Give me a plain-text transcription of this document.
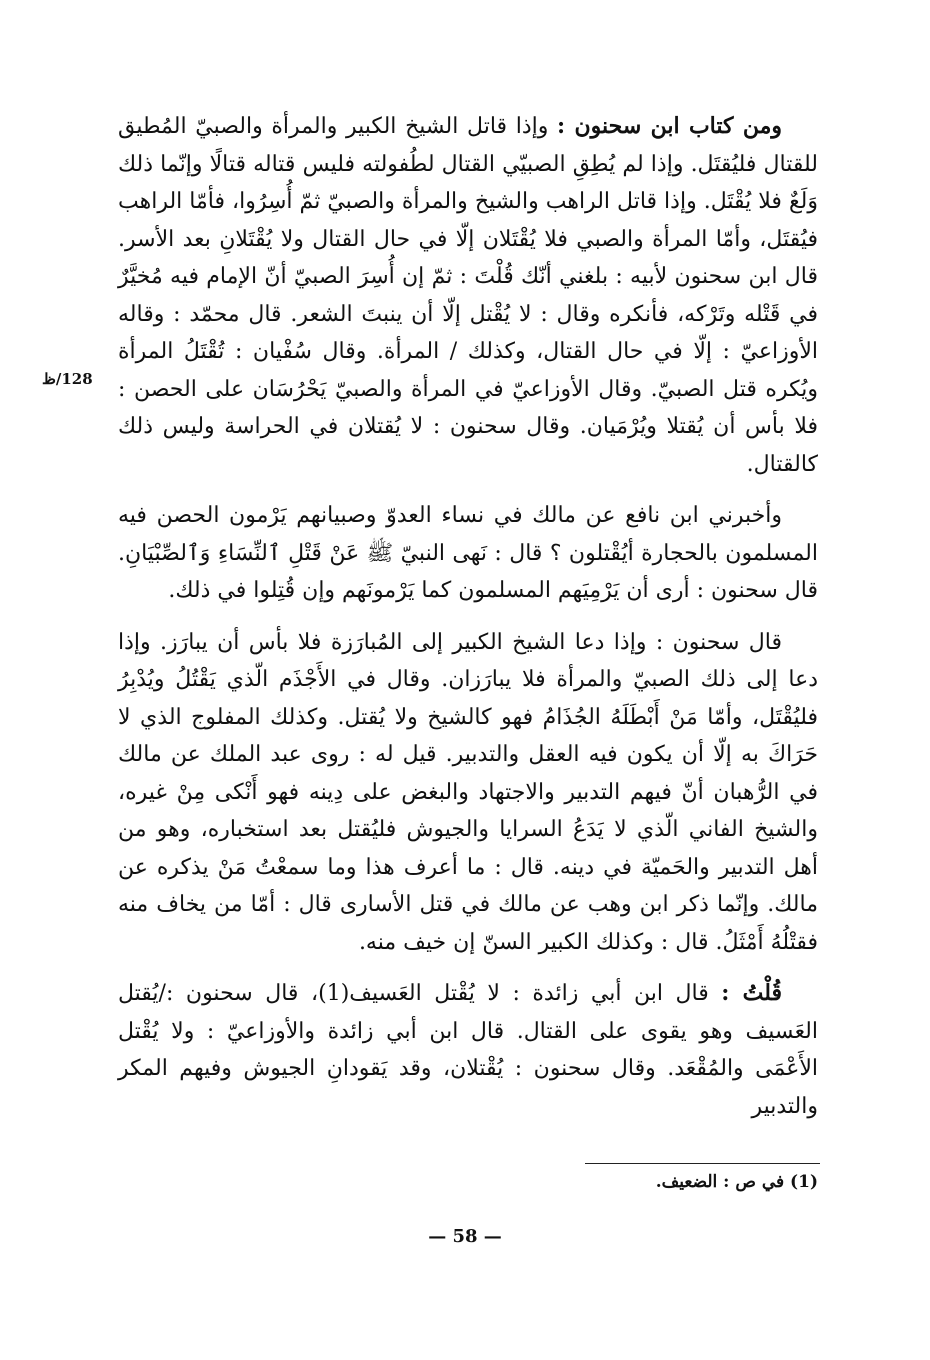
ومن كتاب ابن سحنون : وإذا قاتل الشيخ الكبير والمرأة والصبيّ المُطيق للقتال فليُقتَل. وإذا لم يُطِقِ الصبيّي القتال لطُفولته فليس قتاله قتالًا وإنّما ذلك وَلَعٌ فلا يُقْتَل. وإذا قاتل الراهب والشيخ والمرأة والصبيّ ثمّ أُسِرُوا، فأمّا الراهب فيُقتَل، وأمّا المرأة والصبي فلا يُقْتَلان إلّا في حال القتال ولا يُقْتَلانِ بعد الأسر. قال ابن سحنون لأبيه : بلغني أنّك قُلْتَ : ثمّ إن أُسِرَ الصبيّ أنّ الإمام فيه مُخيَّرٌ في قَتْله وتَرْكه، فأنكره وقال : لا يُقْتل إلّا أن ينبتَ الشعر. قال محمّد : وقاله الأوزاعيّ : إلّا في حال القتال، وكذلك / المرأة. وقال سُفْيان : تُقْتَلُ المرأة ويُكره قتل الصبيّ. وقال الأوزاعيّ في المرأة والصبيّ يَحْرُسَان على الحصن : فلا بأس أن يُقتلا ويُرْمَيان. وقال سحنون : لا يُقتلان في الحراسة وليس ذلك كالقتال.

وأخبرني ابن نافع عن مالك في نساء العدوّ وصبيانهم يَرْمون الحصن فيه المسلمون بالحجارة أيُقْتلون ؟ قال : نَهى النبيّ ﷺ عَنْ قَتْلِ ٱلنِّسَاءِ وَٱلصِّبْيَانِ. قال سحنون : أرى أن يَرْمِيَهم المسلمون كما يَرْمونَهم وإن قُتِلوا في ذلك.

قال سحنون : وإذا دعا الشيخ الكبير إلى المُبارَزة فلا بأس أن يبارَز. وإذا دعا إلى ذلك الصبيّ والمرأة فلا يبارَزان. وقال في الأَجْذَم الّذي يَقْتُلُ ويُدْبِرُ فليُقْتَل، وأمّا مَنْ أَبْطَلَهُ الجُذَامُ فهو كالشيخ ولا يُقتل. وكذلك المفلوج الذي لا حَرَاكَ به إلّا أن يكون فيه العقل والتدبير. قيل له : روى عبد الملك عن مالك في الرُّهبان أنّ فيهم التدبير والاجتهاد والبغض على دِينه فهو أَنْكى مِنْ غيره، والشيخ الفاني الّذي لا يَدَعُ السرايا والجيوش فليُقتل بعد استخباره، وهو من أهل التدبير والحَميّة في دينه. قال : ما أعرف هذا وما سمعْتُ مَنْ يذكره عن مالك. وإنّما ذكر ابن وهب عن مالك في قتل الأسارى قال : أمّا من يخاف منه فقتْلُهُ أَمْثَلُ. قال : وكذلك الكبير السنّ إن خيف منه.

قُلْتُ : قال ابن أبي زائدة : لا يُقْتل العَسيف(1)، قال سحنون :/يُقتل العَسيف وهو يقوى على القتال. قال ابن أبي زائدة والأوزاعيّ : ولا يُقْتل الأَعْمَى والمُقْعَد. وقال سحنون : يُقْتلان، وقد يَقودانِ الجيوش وفيهم المكر والتدبير

128/ظ
(1) في ص : الضعيف.
— 58 —
